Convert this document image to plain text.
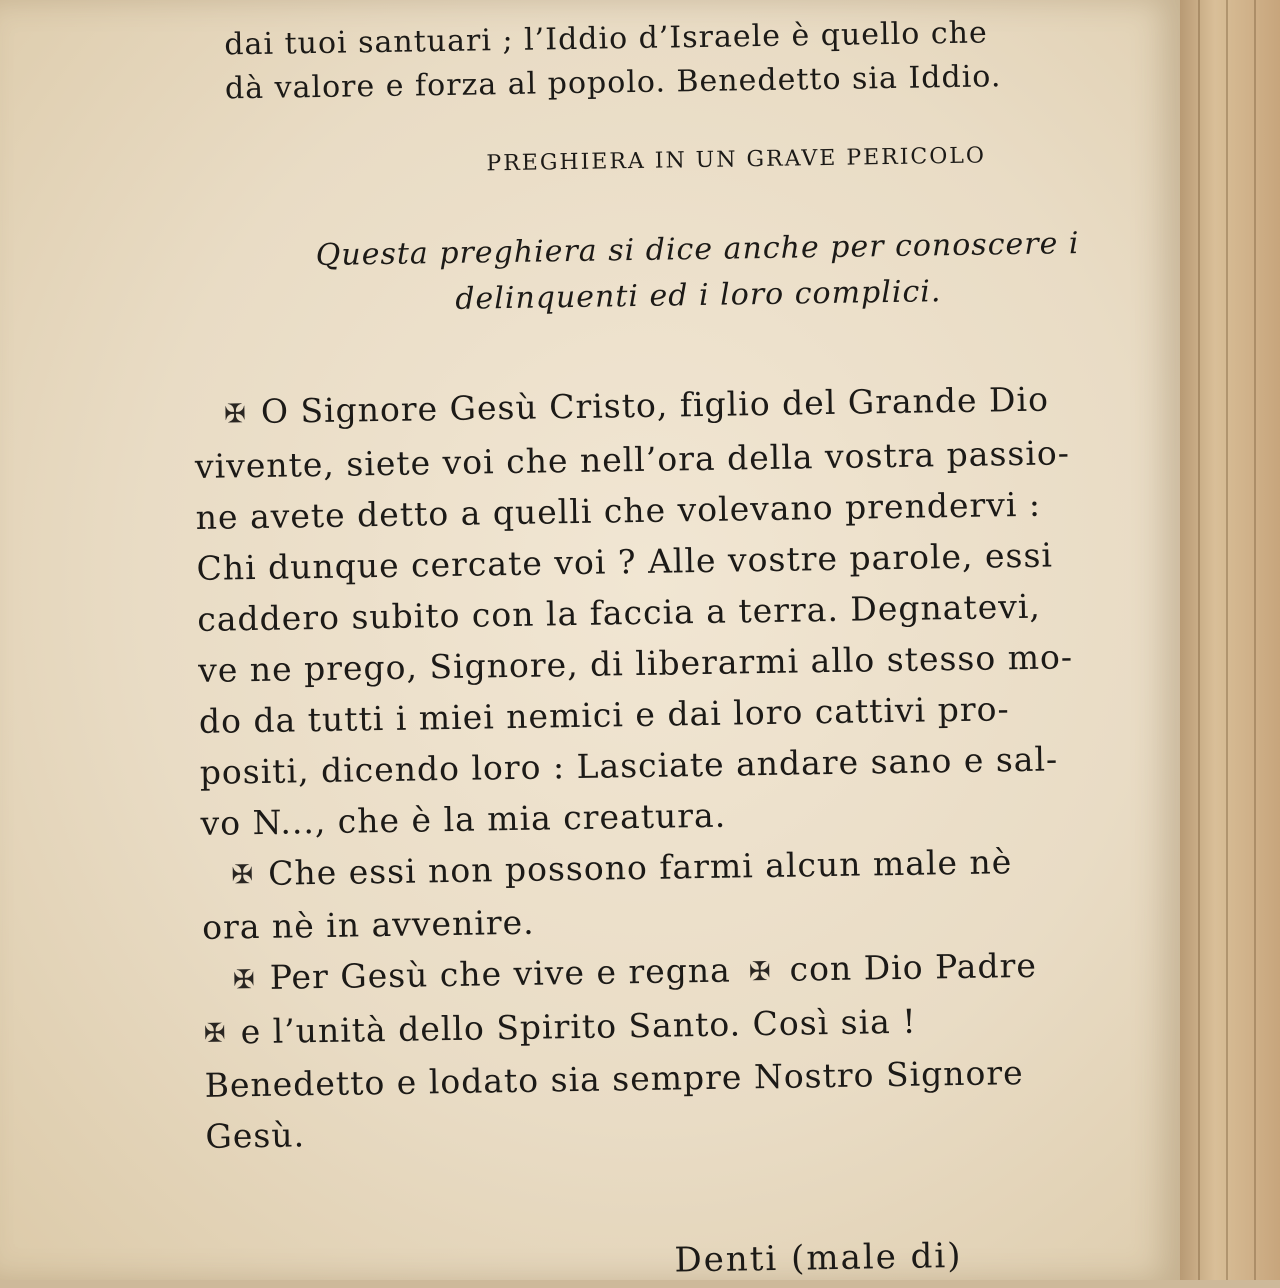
dai tuoi santuari ; l’Iddio d’Israele è quello che
dà valore e forza al popolo. Benedetto sia Iddio.
PREGHIERA IN UN GRAVE PERICOLO
Questa preghiera si dice anche per conoscere i
delinquenti ed i loro complici.
✠ O Signore Gesù Cristo, figlio del Grande Dio
vivente, siete voi che nell’ora della vostra passio-
ne avete detto a quelli che volevano prendervi :
Chi dunque cercate voi ? Alle vostre parole, essi
caddero subito con la faccia a terra. Degnatevi,
ve ne prego, Signore, di liberarmi allo stesso mo-
do da tutti i miei nemici e dai loro cattivi pro-
positi, dicendo loro : Lasciate andare sano e sal-
vo N..., che è la mia creatura.
✠ Che essi non possono farmi alcun male nè
ora nè in avvenire.
✠ Per Gesù che vive e regna ✠ con Dio Padre
✠ e l’unità dello Spirito Santo. Così sia !
Benedetto e lodato sia sempre Nostro Signore
Gesù.
Denti (male di)
